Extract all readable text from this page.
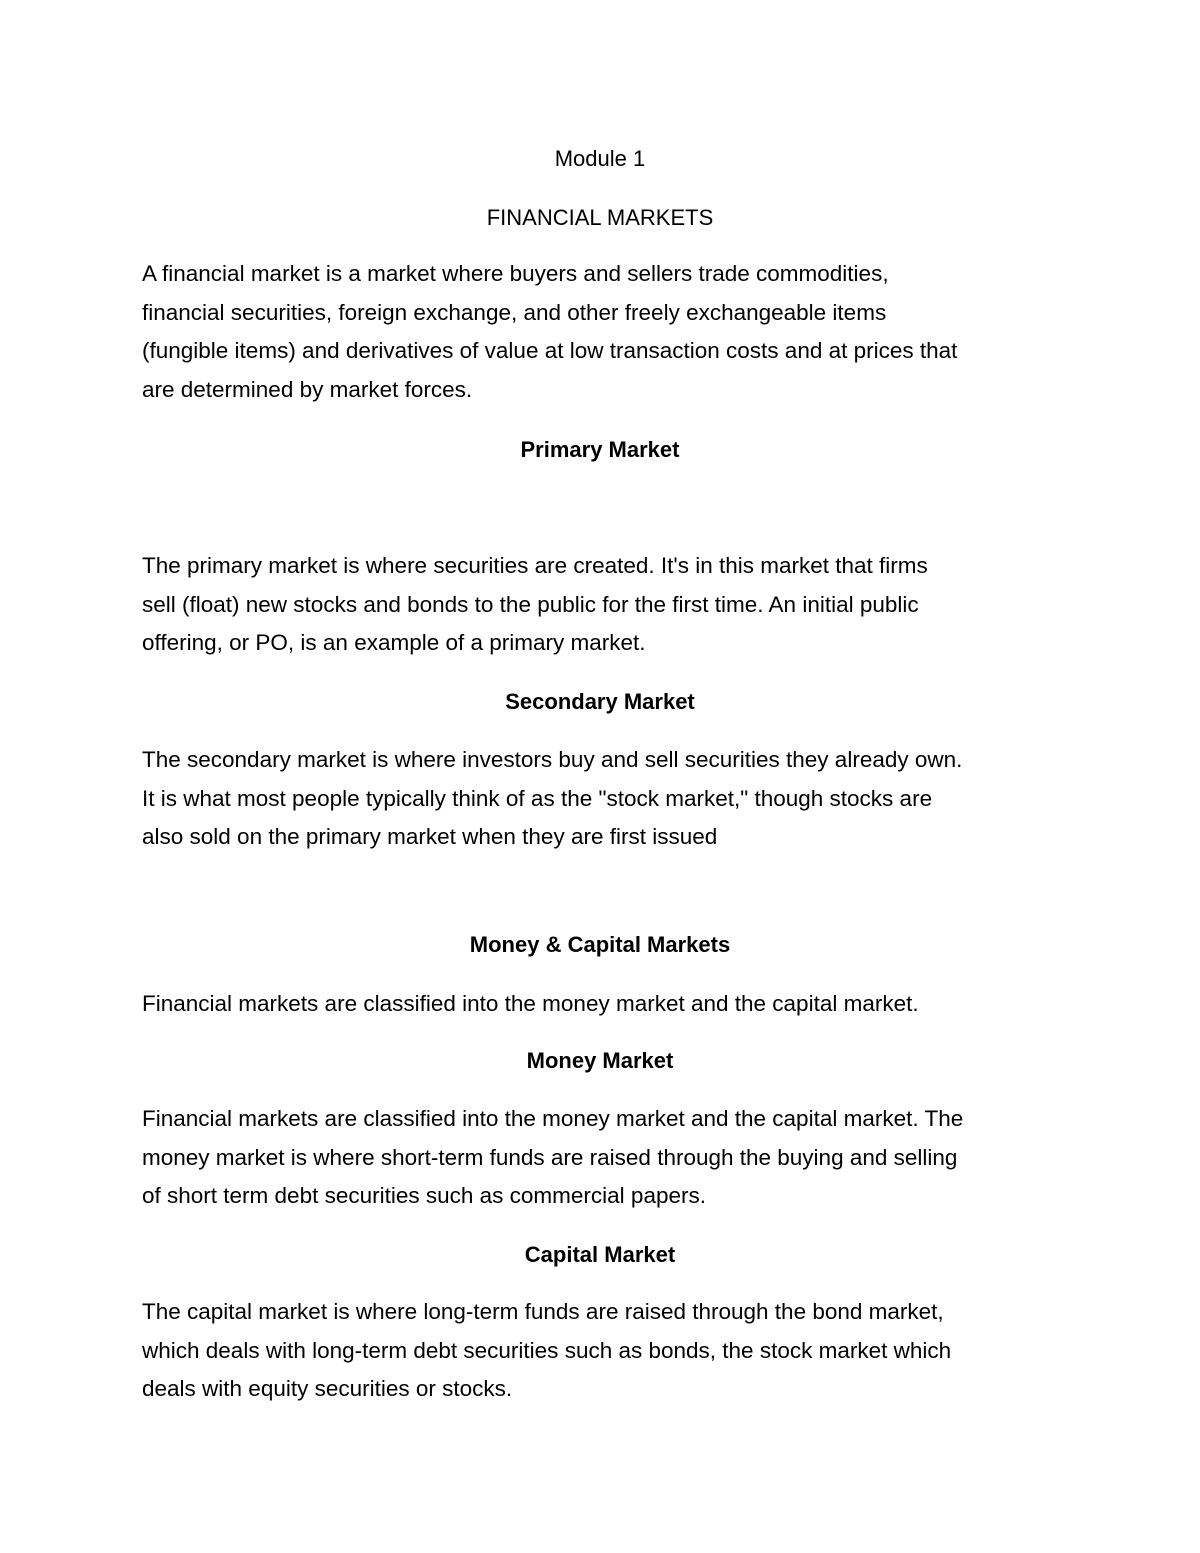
Module 1
FINANCIAL MARKETS
A financial market is a market where buyers and sellers trade commodities,
financial securities, foreign exchange, and other freely exchangeable items
(fungible items) and derivatives of value at low transaction costs and at prices that
are determined by market forces.
Primary Market
The primary market is where securities are created. It's in this market that firms
sell (float) new stocks and bonds to the public for the first time. An initial public
offering, or PO, is an example of a primary market.
Secondary Market
The secondary market is where investors buy and sell securities they already own.
It is what most people typically think of as the "stock market," though stocks are
also sold on the primary market when they are first issued
Money & Capital Markets
Financial markets are classified into the money market and the capital market.
Money Market
Financial markets are classified into the money market and the capital market. The
money market is where short-term funds are raised through the buying and selling
of short term debt securities such as commercial papers.
Capital Market
The capital market is where long-term funds are raised through the bond market,
which deals with long-term debt securities such as bonds, the stock market which
deals with equity securities or stocks.
